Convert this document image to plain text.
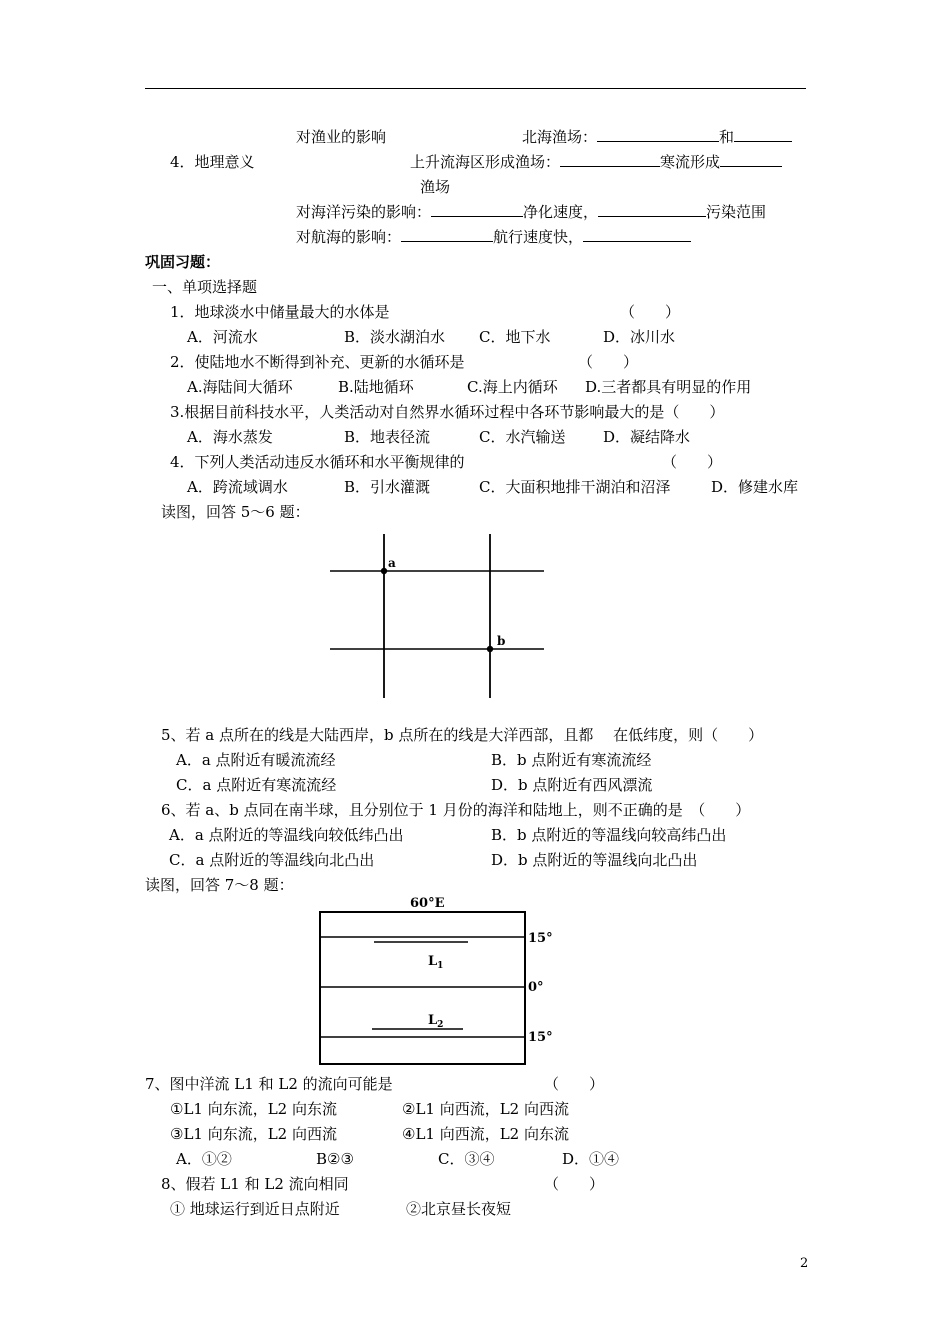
对渔业的影响	北海渔场：	和
4．地理意义	上升流海区形成渔场：	寒流形成
渔场
对海洋污染的影响：	净化速度，	污染范围
对航海的影响：	航行速度快，
巩固习题：
一、单项选择题
1．地球淡水中储量最大的水体是	（　　）
A．河流水	B．淡水湖泊水 C．地下水	D．冰川水
2．使陆地水不断得到补充、更新的水循环是	（　　）
A.海陆间大循环	B.陆地循环	C.海上内循环 D.三者都具有明显的作用
3.根据目前科技水平，人类活动对自然界水循环过程中各环节影响最大的是（　　）
A．海水蒸发	B．地表径流	C．水汽输送	D．凝结降水
4．下列人类活动违反水循环和水平衡规律的	（　　）
A．跨流域调水	B．引水灌溉	C．大面积地排干湖泊和沼泽	D．修建水库
读图，回答 5～6 题：
a
b
5、若 a 点所在的线是大陆西岸，b 点所在的线是大洋西部，且都　 在低纬度，则（　　）
A．a 点附近有暖流流经	B．b 点附近有寒流流经
C．a 点附近有寒流流经	D．b 点附近有西风漂流
6、若 a、b 点同在南半球，且分别位于 1 月份的海洋和陆地上，则不正确的是　（　　）
A．a 点附近的等温线向较低纬凸出	B．b 点附近的等温线向较高纬凸出
C．a 点附近的等温线向北凸出	D．b 点附近的等温线向北凸出
读图，回答 7～8 题：
60°E
15°
0°
15°
$L_1$
$L_2$
7、图中洋流 L1 和 L2 的流向可能是	（　　）
①L1 向东流，L2 向东流	②L1 向西流，L2 向西流
③L1 向东流，L2 向西流	④L1 向西流，L2 向东流
A．①②	B②③	C．③④	D．①④
8、假若 L1 和 L2 流向相同	（　　）
① 地球运行到近日点附近	②北京昼长夜短
2
